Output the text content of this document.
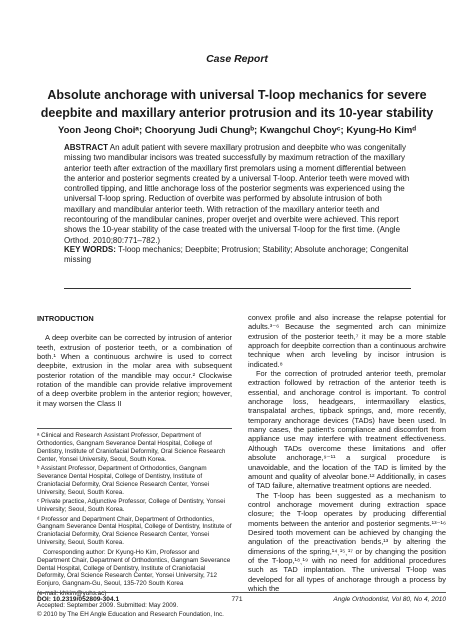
Case Report
Absolute anchorage with universal T-loop mechanics for severe deepbite and maxillary anterior protrusion and its 10-year stability
Yoon Jeong Choiᵃ; Chooryung Judi Chungᵇ; Kwangchul Choyᶜ; Kyung-Ho Kimᵈ
ABSTRACT An adult patient with severe maxillary protrusion and deepbite who was congenitally missing two mandibular incisors was treated successfully by maximum retraction of the maxillary anterior teeth after extraction of the maxillary first premolars using a moment differential between the anterior and posterior segments created by a universal T-loop. Anterior teeth were moved with controlled tipping, and little anchorage loss of the posterior segments was experienced using the universal T-loop spring. Reduction of overbite was performed by absolute intrusion of both maxillary and mandibular anterior teeth. With retraction of the maxillary anterior teeth and recontouring of the mandibular canines, proper overjet and overbite were achieved. This report shows the 10-year stability of the case treated with the universal T-loop for the first time. (Angle Orthod. 2010;80:771–782.)
KEY WORDS: T-loop mechanics; Deepbite; Protrusion; Stability; Absolute anchorage; Congenital missing
INTRODUCTION

A deep overbite can be corrected by intrusion of anterior teeth, extrusion of posterior teeth, or a combination of both.¹ When a continuous archwire is used to correct deepbite, extrusion in the molar area with subsequent posterior rotation of the mandible may occur.² Clockwise rotation of the mandible can provide relative improvement of a deep overbite problem in the anterior region; however, it may worsen the Class II

ᵃ Clinical and Research Assistant Professor, Department of Orthodontics, Gangnam Severance Dental Hospital, College of Dentistry, Institute of Craniofacial Deformity, Oral Science Research Center, Yonsei University, Seoul, South Korea.

ᵇ Assistant Professor, Department of Orthodontics, Gangnam Severance Dental Hospital, College of Dentistry, Institute of Craniofacial Deformity, Oral Science Research Center, Yonsei University, Seoul, South Korea.

ᶜ Private practice, Adjunctive Professor, College of Dentistry, Yonsei University; Seoul, South Korea.

ᵈ Professor and Department Chair, Department of Orthodontics, Gangnam Severance Dental Hospital, College of Dentistry, Institute of Craniofacial Deformity, Oral Science Research Center, Yonsei University, Seoul, South Korea.

Corresponding author: Dr Kyung-Ho Kim, Professor and Department Chair, Department of Orthodontics, Gangnam Severance Dental Hospital, College of Dentistry, Institute of Craniofacial Deformity, Oral Science Research Center, Yonsei University, 712 Eonjuro, Gangnam-Gu, Seoul, 135-720 South Korea

(e-mail: khkim@yuhs.ac)

Accepted: September 2009. Submitted: May 2009.

© 2010 by The EH Angle Education and Research Foundation, Inc.

convex profile and also increase the relapse potential for adults.³⁻⁶ Because the segmented arch can minimize extrusion of the posterior teeth,⁷ it may be a more stable approach for deepbite correction than a continuous archwire technique when arch leveling by incisor intrusion is indicated.⁸

For the correction of protruded anterior teeth, premolar extraction followed by retraction of the anterior teeth is essential, and anchorage control is important. To control anchorage loss, headgears, intermaxillary elastics, transpalatal arches, tipback springs, and, more recently, temporary anchorage devices (TADs) have been used. In many cases, the patient's compliance and discomfort from appliance use may interfere with treatment effectiveness. Although TADs overcome these limitations and offer absolute anchorage,⁹⁻¹¹ a surgical procedure is unavoidable, and the location of the TAD is limited by the amount and quality of alveolar bone.¹² Additionally, in cases of TAD failure, alternative treatment options are needed.

The T-loop has been suggested as a mechanism to control anchorage movement during extraction space closure; the T-loop operates by producing differential moments between the anterior and posterior segments.¹³⁻¹⁶ Desired tooth movement can be achieved by changing the angulation of the preactivation bends,¹³ by altering the dimensions of the spring,¹⁴ˎ¹⁵ˎ¹⁷ or by changing the position of the T-loop,¹⁸ˎ¹⁹ with no need for additional procedures such as TAD implantation. The universal T-loop was developed for all types of anchorage through a process by which the

DOI: 10.2319/052809-304.1	771	Angle Orthodontist, Vol 80, No 4, 2010
